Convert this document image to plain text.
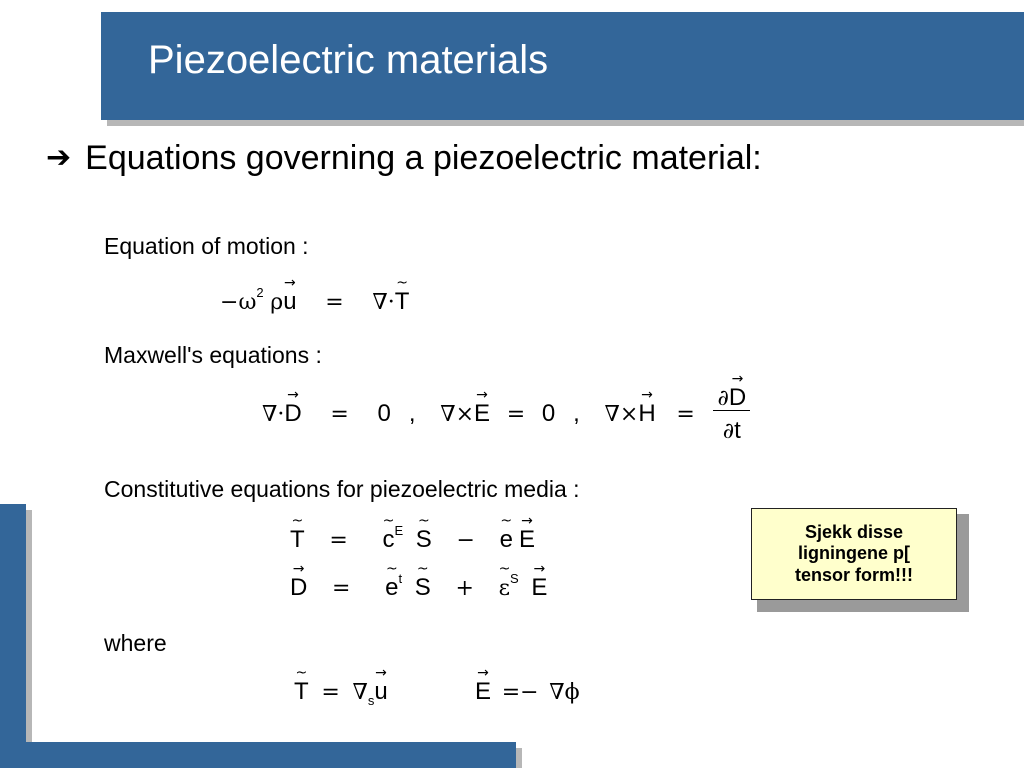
Piezoelectric materials
➔ Equations governing a piezoelectric material:
Equation of motion :
$-\omega^2$ ρ
→
u = ∇·
~
T
Maxwell's equations :
∇·
→
D = 0 , ∇×
→
E = 0 , ∇×
→
H = ∂
→
D
∂t
Constitutive equations for piezoelectric media :
~
T =
~
$c^E$
~
S −
~
e
→
E
→
D =
~
$e^t$
~
S +
~
$\varepsilon^S$
→
E
where
~
$T = \nabla_s$
→
u
→
E =− ∇ϕ
Sjekk disse
ligningene p[
tensor form!!!
